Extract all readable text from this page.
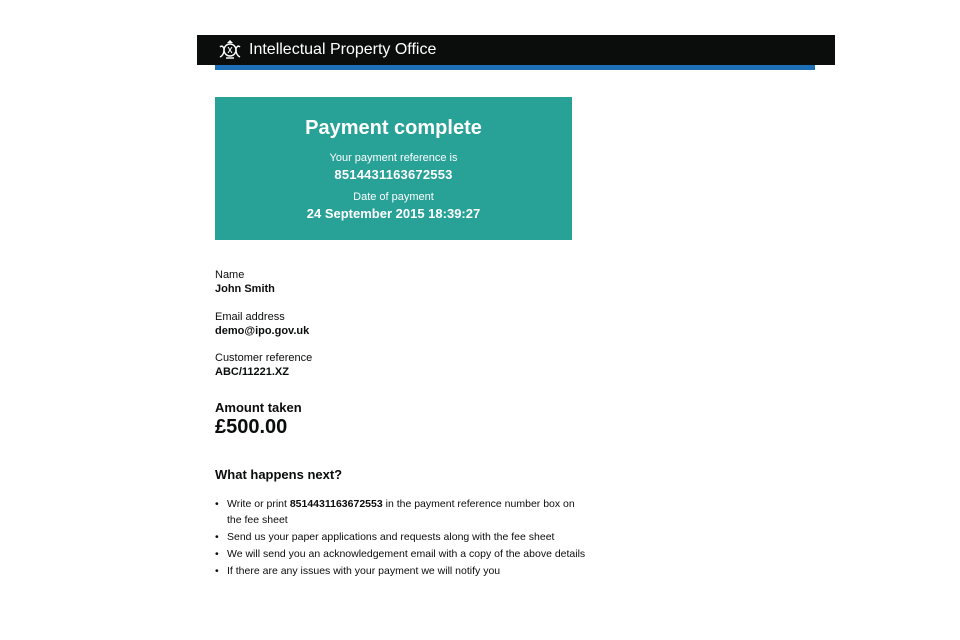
Intellectual Property Office
Payment complete
Your payment reference is
8514431163672553
Date of payment
24 September 2015 18:39:27
Name
John Smith
Email address
demo@ipo.gov.uk
Customer reference
ABC/11221.XZ
Amount taken
£500.00
What happens next?
• Write or print 8514431163672553 in the payment reference number box on the fee sheet
• Send us your paper applications and requests along with the fee sheet
• We will send you an acknowledgement email with a copy of the above details
• If there are any issues with your payment we will notify you
